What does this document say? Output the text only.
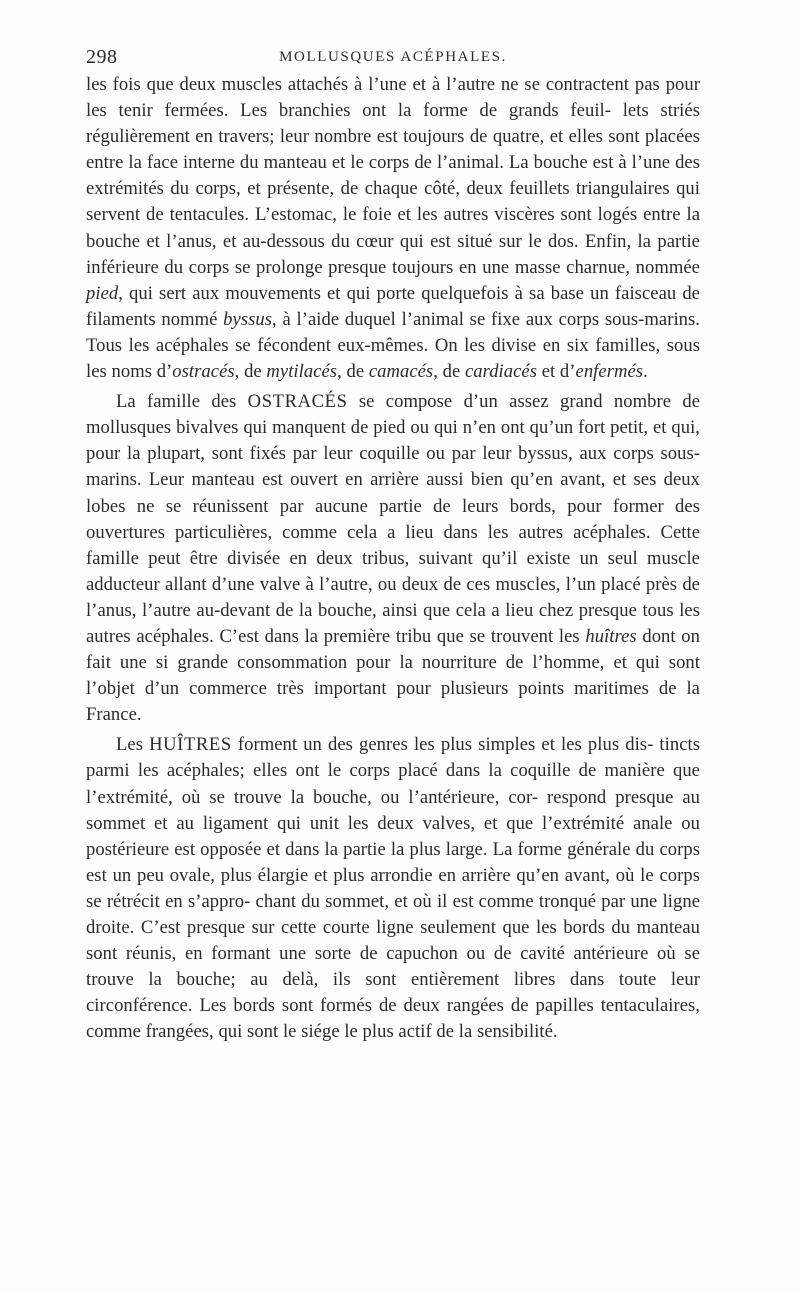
298	MOLLUSQUES ACÉPHALES.

les fois que deux muscles attachés à l’une et à l’autre ne se contractent pas pour les tenir fermées. Les branchies ont la forme de grands feuil- lets striés régulièrement en travers; leur nombre est toujours de quatre, et elles sont placées entre la face interne du manteau et le corps de l’animal. La bouche est à l’une des extrémités du corps, et présente, de chaque côté, deux feuillets triangulaires qui servent de tentacules. L’estomac, le foie et les autres viscères sont logés entre la bouche et l’anus, et au-dessous du cœur qui est situé sur le dos. Enfin, la partie inférieure du corps se prolonge presque toujours en une masse charnue, nommée pied, qui sert aux mouvements et qui porte quelquefois à sa base un faisceau de filaments nommé byssus, à l’aide duquel l’animal se fixe aux corps sous-marins. Tous les acéphales se fécondent eux-mêmes. On les divise en six familles, sous les noms d’ostracés, de mytilacés, de camacés, de cardiacés et d’enfermés.

La famille des OSTRACÉS se compose d’un assez grand nombre de mollusques bivalves qui manquent de pied ou qui n’en ont qu’un fort petit, et qui, pour la plupart, sont fixés par leur coquille ou par leur byssus, aux corps sous-marins. Leur manteau est ouvert en arrière aussi bien qu’en avant, et ses deux lobes ne se réunissent par aucune partie de leurs bords, pour former des ouvertures particulières, comme cela a lieu dans les autres acéphales. Cette famille peut être divisée en deux tribus, suivant qu’il existe un seul muscle adducteur allant d’une valve à l’autre, ou deux de ces muscles, l’un placé près de l’anus, l’autre au-devant de la bouche, ainsi que cela a lieu chez presque tous les autres acéphales. C’est dans la première tribu que se trouvent les huîtres dont on fait une si grande consommation pour la nourriture de l’homme, et qui sont l’objet d’un commerce très important pour plusieurs points maritimes de la France.

Les HUÎTRES forment un des genres les plus simples et les plus dis- tincts parmi les acéphales; elles ont le corps placé dans la coquille de manière que l’extrémité, où se trouve la bouche, ou l’antérieure, cor- respond presque au sommet et au ligament qui unit les deux valves, et que l’extrémité anale ou postérieure est opposée et dans la partie la plus large. La forme générale du corps est un peu ovale, plus élargie et plus arrondie en arrière qu’en avant, où le corps se rétrécit en s’appro- chant du sommet, et où il est comme tronqué par une ligne droite. C’est presque sur cette courte ligne seulement que les bords du manteau sont réunis, en formant une sorte de capuchon ou de cavité antérieure où se trouve la bouche; au delà, ils sont entièrement libres dans toute leur circonférence. Les bords sont formés de deux rangées de papilles tentaculaires, comme frangées, qui sont le siége le plus actif de la sensibilité.
